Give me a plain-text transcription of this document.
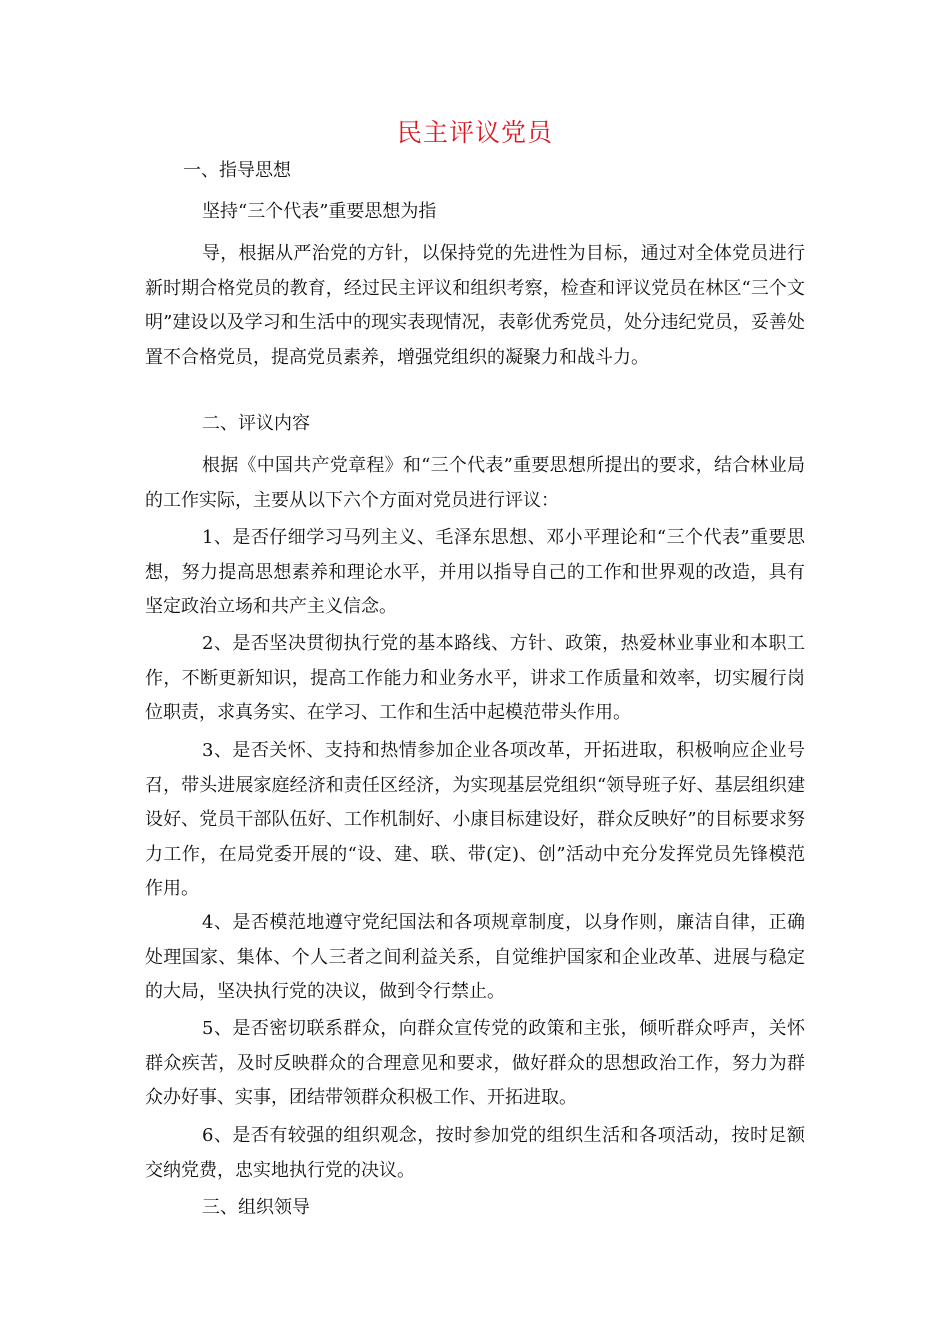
民主评议党员
一、指导思想
坚持“三个代表”重要思想为指
导，根据从严治党的方针，以保持党的先进性为目标，通过对全体党员进行新时期合格党员的教育，经过民主评议和组织考察，检查和评议党员在林区“三个文明”建设以及学习和生活中的现实表现情况，表彰优秀党员，处分违纪党员，妥善处置不合格党员，提高党员素养，增强党组织的凝聚力和战斗力。
二、评议内容
根据《中国共产党章程》和“三个代表”重要思想所提出的要求，结合林业局的工作实际，主要从以下六个方面对党员进行评议：
1、是否仔细学习马列主义、毛泽东思想、邓小平理论和“三个代表”重要思想，努力提高思想素养和理论水平，并用以指导自己的工作和世界观的改造，具有坚定政治立场和共产主义信念。
2、是否坚决贯彻执行党的基本路线、方针、政策，热爱林业事业和本职工作，不断更新知识，提高工作能力和业务水平，讲求工作质量和效率，切实履行岗位职责，求真务实、在学习、工作和生活中起模范带头作用。
3、是否关怀、支持和热情参加企业各项改革，开拓进取，积极响应企业号召，带头进展家庭经济和责任区经济，为实现基层党组织“领导班子好、基层组织建设好、党员干部队伍好、工作机制好、小康目标建设好，群众反映好”的目标要求努力工作，在局党委开展的“设、建、联、带(定)、创”活动中充分发挥党员先锋模范作用。
4、是否模范地遵守党纪国法和各项规章制度，以身作则，廉洁自律，正确处理国家、集体、个人三者之间利益关系，自觉维护国家和企业改革、进展与稳定的大局，坚决执行党的决议，做到令行禁止。
5、是否密切联系群众，向群众宣传党的政策和主张，倾听群众呼声，关怀群众疾苦，及时反映群众的合理意见和要求，做好群众的思想政治工作，努力为群众办好事、实事，团结带领群众积极工作、开拓进取。
6、是否有较强的组织观念，按时参加党的组织生活和各项活动，按时足额交纳党费，忠实地执行党的决议。
三、组织领导
